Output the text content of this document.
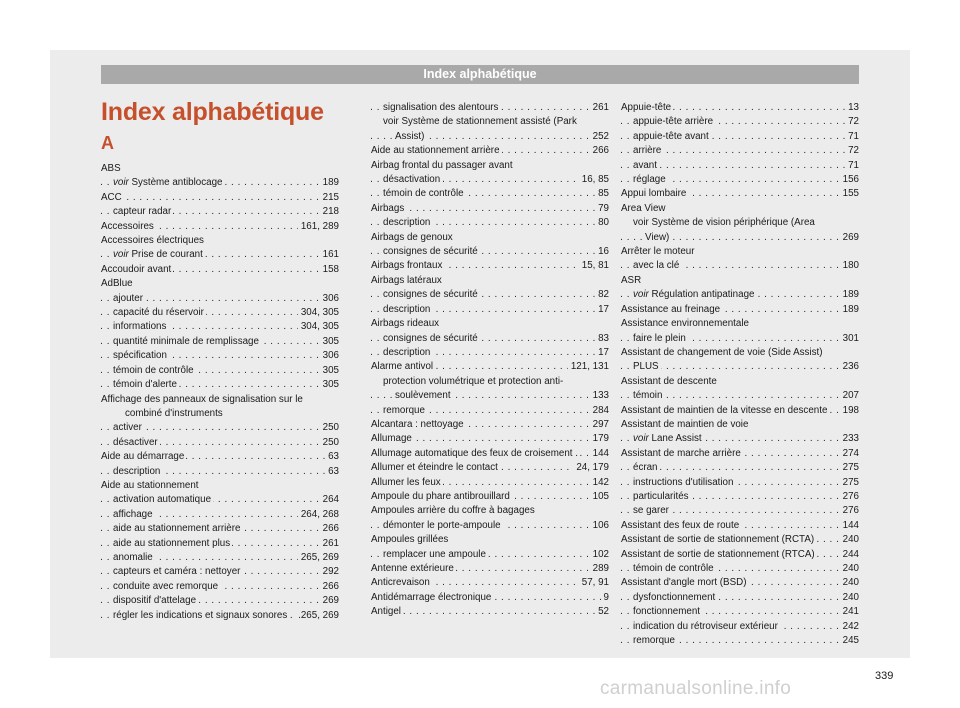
Index alphabétique
Index alphabétique
A
ABS
voir Système antiblocage	189
. . .
ACC	215
. . .
capteur radar	218
. . .
Accessoires	161, 289
. . .
Accessoires électriques
voir Prise de courant	161
. . .
Accoudoir avant	158
. . .
AdBlue
ajouter	306
. . .
capacité du réservoir	304, 305
. . .
informations	304, 305
. . .
quantité minimale de remplissage	305
. . .
spécification	306
. . .
témoin de contrôle	305
. . .
témoin d'alerte	305
. . .
Affichage des panneaux de signalisation sur le
combiné d'instruments
activer	250
. . .
désactiver	250
. . .
Aide au démarrage	63
. . .
description	63
. . .
Aide au stationnement
activation automatique	264
. . .
affichage	264, 268
. . .
aide au stationnement arrière	266
. . .
aide au stationnement plus	261
. . .
anomalie	265, 269
. . .
capteurs et caméra : nettoyer	292
. . .
conduite avec remorque	266
. . .
dispositif d'attelage	269
. . .
régler les indications et signaux sonores	.265, 269
. . .
signalisation des alentours	261
. . .
voir Système de stationnement assisté (Park
Assist)	252
. . .
Aide au stationnement arrière	266
. . .
Airbag frontal du passager avant
désactivation	16, 85
. . .
témoin de contrôle	85
. . .
Airbags	79
. . .
description	80
. . .
Airbags de genoux
consignes de sécurité	16
. . .
Airbags frontaux	15, 81
. . .
Airbags latéraux
consignes de sécurité	82
. . .
description	17
. . .
Airbags rideaux
consignes de sécurité	83
. . .
description	17
. . .
Alarme antivol	121, 131
. . .
protection volumétrique et protection anti-
soulèvement	133
. . .
remorque	284
. . .
Alcantara : nettoyage	297
. . .
Allumage	179
. . .
Allumage automatique des feux de croisement .	144
. . .
Allumer et éteindre le contact	24, 179
. . .
Allumer les feux	142
. . .
Ampoule du phare antibrouillard	105
. . .
Ampoules arrière du coffre à bagages
démonter le porte-ampoule	106
. . .
Ampoules grillées
remplacer une ampoule	102
. . .
Antenne extérieure	289
. . .
Anticrevaison	57, 91
. . .
Antidémarrage électronique	9
. . .
Antigel	52
. . .
Appuie-tête	13
. . .
appuie-tête arrière	72
. . .
appuie-tête avant	71
. . .
arrière	72
. . .
avant	71
. . .
réglage	156
. . .
Appui lombaire	155
. . .
Area View
voir Système de vision périphérique (Area
View)	269
. . .
Arrêter le moteur
avec la clé	180
. . .
ASR
voir Régulation antipatinage	189
. . .
Assistance au freinage	189
. . .
Assistance environnementale
faire le plein	301
. . .
Assistant de changement de voie (Side Assist)
PLUS	236
. . .
Assistant de descente
témoin	207
. . .
Assistant de maintien de la vitesse en descente	198
. . .
Assistant de maintien de voie
voir Lane Assist	233
. . .
Assistant de marche arrière	274
. . .
écran	275
. . .
instructions d'utilisation	275
. . .
particularités	276
. . .
se garer	276
. . .
Assistant des feux de route	144
. . .
Assistant de sortie de stationnement (RCTA)	240
. . .
Assistant de sortie de stationnement (RTCA)	244
. . .
témoin de contrôle	240
. . .
Assistant d'angle mort (BSD)	240
. . .
dysfonctionnement	240
. . .
fonctionnement	241
. . .
indication du rétroviseur extérieur	242
. . .
remorque	245
. . .
339
carmanualsonline.info
